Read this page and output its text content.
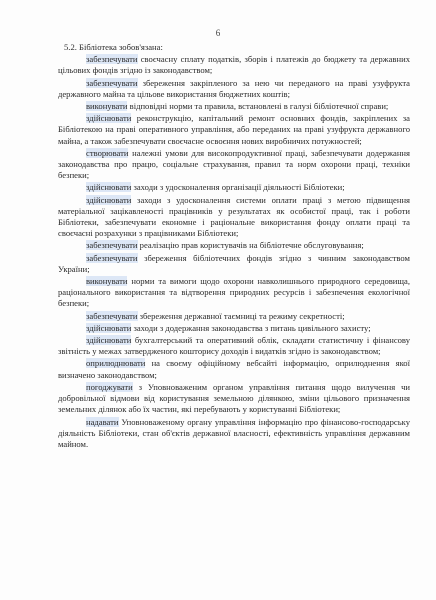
6

5.2. Бібліотека зобов'язана:

забезпечувати своєчасну сплату податків, зборів і платежів до бюджету та державних цільових фондів згідно із законодавством;

забезпечувати збереження закріпленого за нею чи переданого на праві узуфрукта державного майна та цільове використання бюджетних коштів;

виконувати відповідні норми та правила, встановлені в галузі бібліотечної справи;

здійснювати реконструкцію, капітальний ремонт основних фондів, закріплених за Бібліотекою на праві оперативного управління, або переданих на праві узуфрукта державного майна, а також забезпечувати своєчасне освоєння нових виробничих потужностей;

створювати належні умови для високопродуктивної праці, забезпечувати додержання законодавства про працю, соціальне страхування, правил та норм охорони праці, техніки безпеки;

здійснювати заходи з удосконалення організації діяльності Бібліотеки;

здійснювати заходи з удосконалення системи оплати праці з метою підвищення матеріальної зацікавленості працівників у результатах як особистої праці, так і роботи Бібліотеки, забезпечувати економне і раціональне використання фонду оплати праці та своєчасні розрахунки з працівниками Бібліотеки;

забезпечувати реалізацію прав користувачів на бібліотечне обслуговування;

забезпечувати збереження бібліотечних фондів згідно з чинним законодавством України;

виконувати норми та вимоги щодо охорони навколишнього природного середовища, раціонального використання та відтворення природних ресурсів і забезпечення екологічної безпеки;

забезпечувати збереження державної таємниці та режиму секретності;

здійснювати заходи з додержання законодавства з питань цивільного захисту;

здійснювати бухгалтерський та оперативний облік, складати статистичну і фінансову звітність у межах затвердженого кошторису доходів і видатків згідно із законодавством;

оприлюднювати на своєму офіційному вебсайті інформацію, оприлюднення якої визначено законодавством;

погоджувати з Уповноваженим органом управління питання щодо вилучення чи добровільної відмови від користування земельною ділянкою, зміни цільового призначення земельних ділянок або їх частин, які перебувають у користуванні Бібліотеки;

надавати Уповноваженому органу управління інформацію про фінансово-господарську діяльність Бібліотеки, стан об'єктів державної власності, ефективність управління державним майном.
